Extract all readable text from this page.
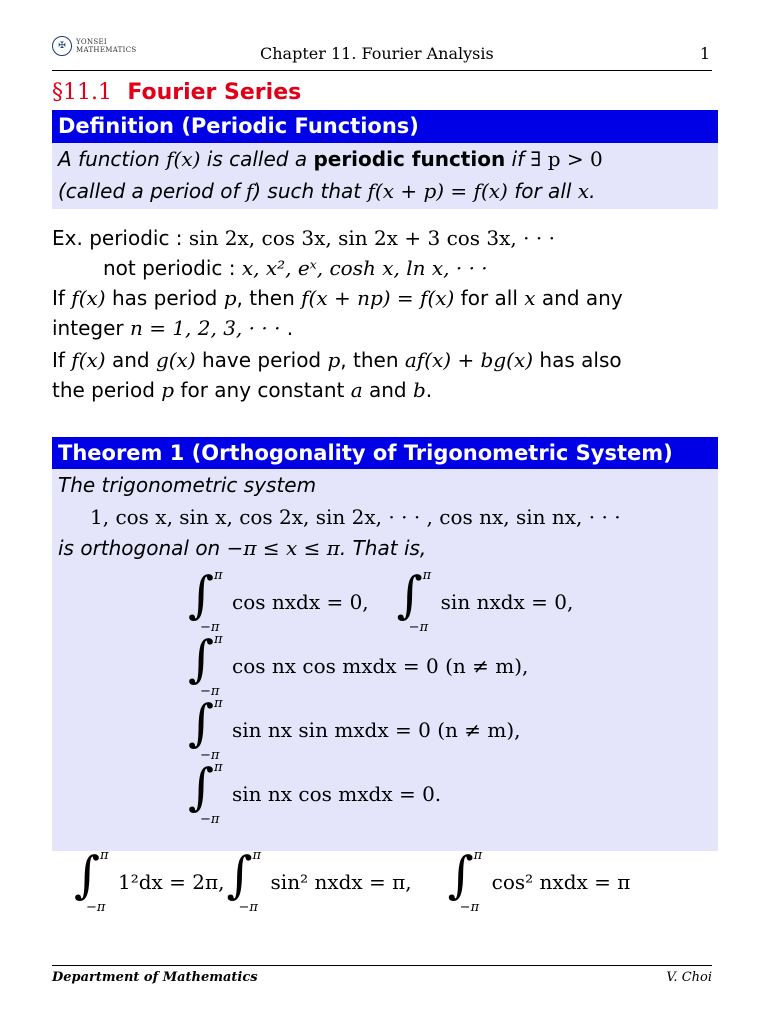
✠	YONSEI
MATHEMATICS	Chapter 11. Fourier Analysis	1
§11.1 Fourier Series
Definition (Periodic Functions)
A function f(x) is called a periodic function if ∃ p > 0
(called a period of f) such that f(x + p) = f(x) for all x.
Ex. periodic : sin 2x, cos 3x, sin 2x + 3 cos 3x, · · ·
not periodic : x, x², eˣ, cosh x, ln x, · · ·
If f(x) has period p, then f(x + np) = f(x) for all x and any
integer n = 1, 2, 3, · · · .
If f(x) and g(x) have period p, then af(x) + bg(x) has also
the period p for any constant a and b.
Theorem 1 (Orthogonality of Trigonometric System)
The trigonometric system
1, cos x, sin x, cos 2x, sin 2x, · · · , cos nx, sin nx, · · ·
is orthogonal on −π ≤ x ≤ π. That is,
∫ π
−π
cos nxdx = 0, ∫ π
−π
sin nxdx = 0,
∫ π
−π
cos nx cos mxdx = 0 (n ≠ m),
∫ π
−π
sin nx sin mxdx = 0 (n ≠ m),
∫ π
−π
sin nx cos mxdx = 0.
∫ π
−π
1²dx = 2π, ∫ π
−π
sin² nxdx = π, ∫ π
−π
cos² nxdx = π
Department of Mathematics	V. Choi
